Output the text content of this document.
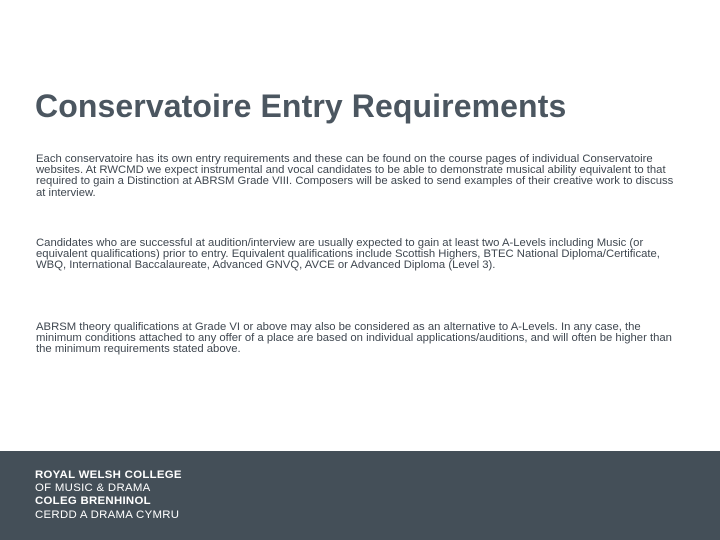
Conservatoire Entry Requirements

Each conservatoire has its own entry requirements and these can be found on the course pages of individual Conservatoire websites. At RWCMD we expect instrumental and vocal candidates to be able to demonstrate musical ability equivalent to that required to gain a Distinction at ABRSM Grade VIII. Composers will be asked to send examples of their creative work to discuss at interview.

Candidates who are successful at audition/interview are usually expected to gain at least two A-Levels including Music (or equivalent qualifications) prior to entry. Equivalent qualifications include Scottish Highers, BTEC National Diploma/Certificate, WBQ, International Baccalaureate, Advanced GNVQ, AVCE or Advanced Diploma (Level 3).

ABRSM theory qualifications at Grade VI or above may also be considered as an alternative to A-Levels. In any case, the minimum conditions attached to any offer of a place are based on individual applications/auditions, and will often be higher than the minimum requirements stated above.

ROYAL WELSH COLLEGE
OF MUSIC & DRAMA
COLEG BRENHINOL
CERDD A DRAMA CYMRU
